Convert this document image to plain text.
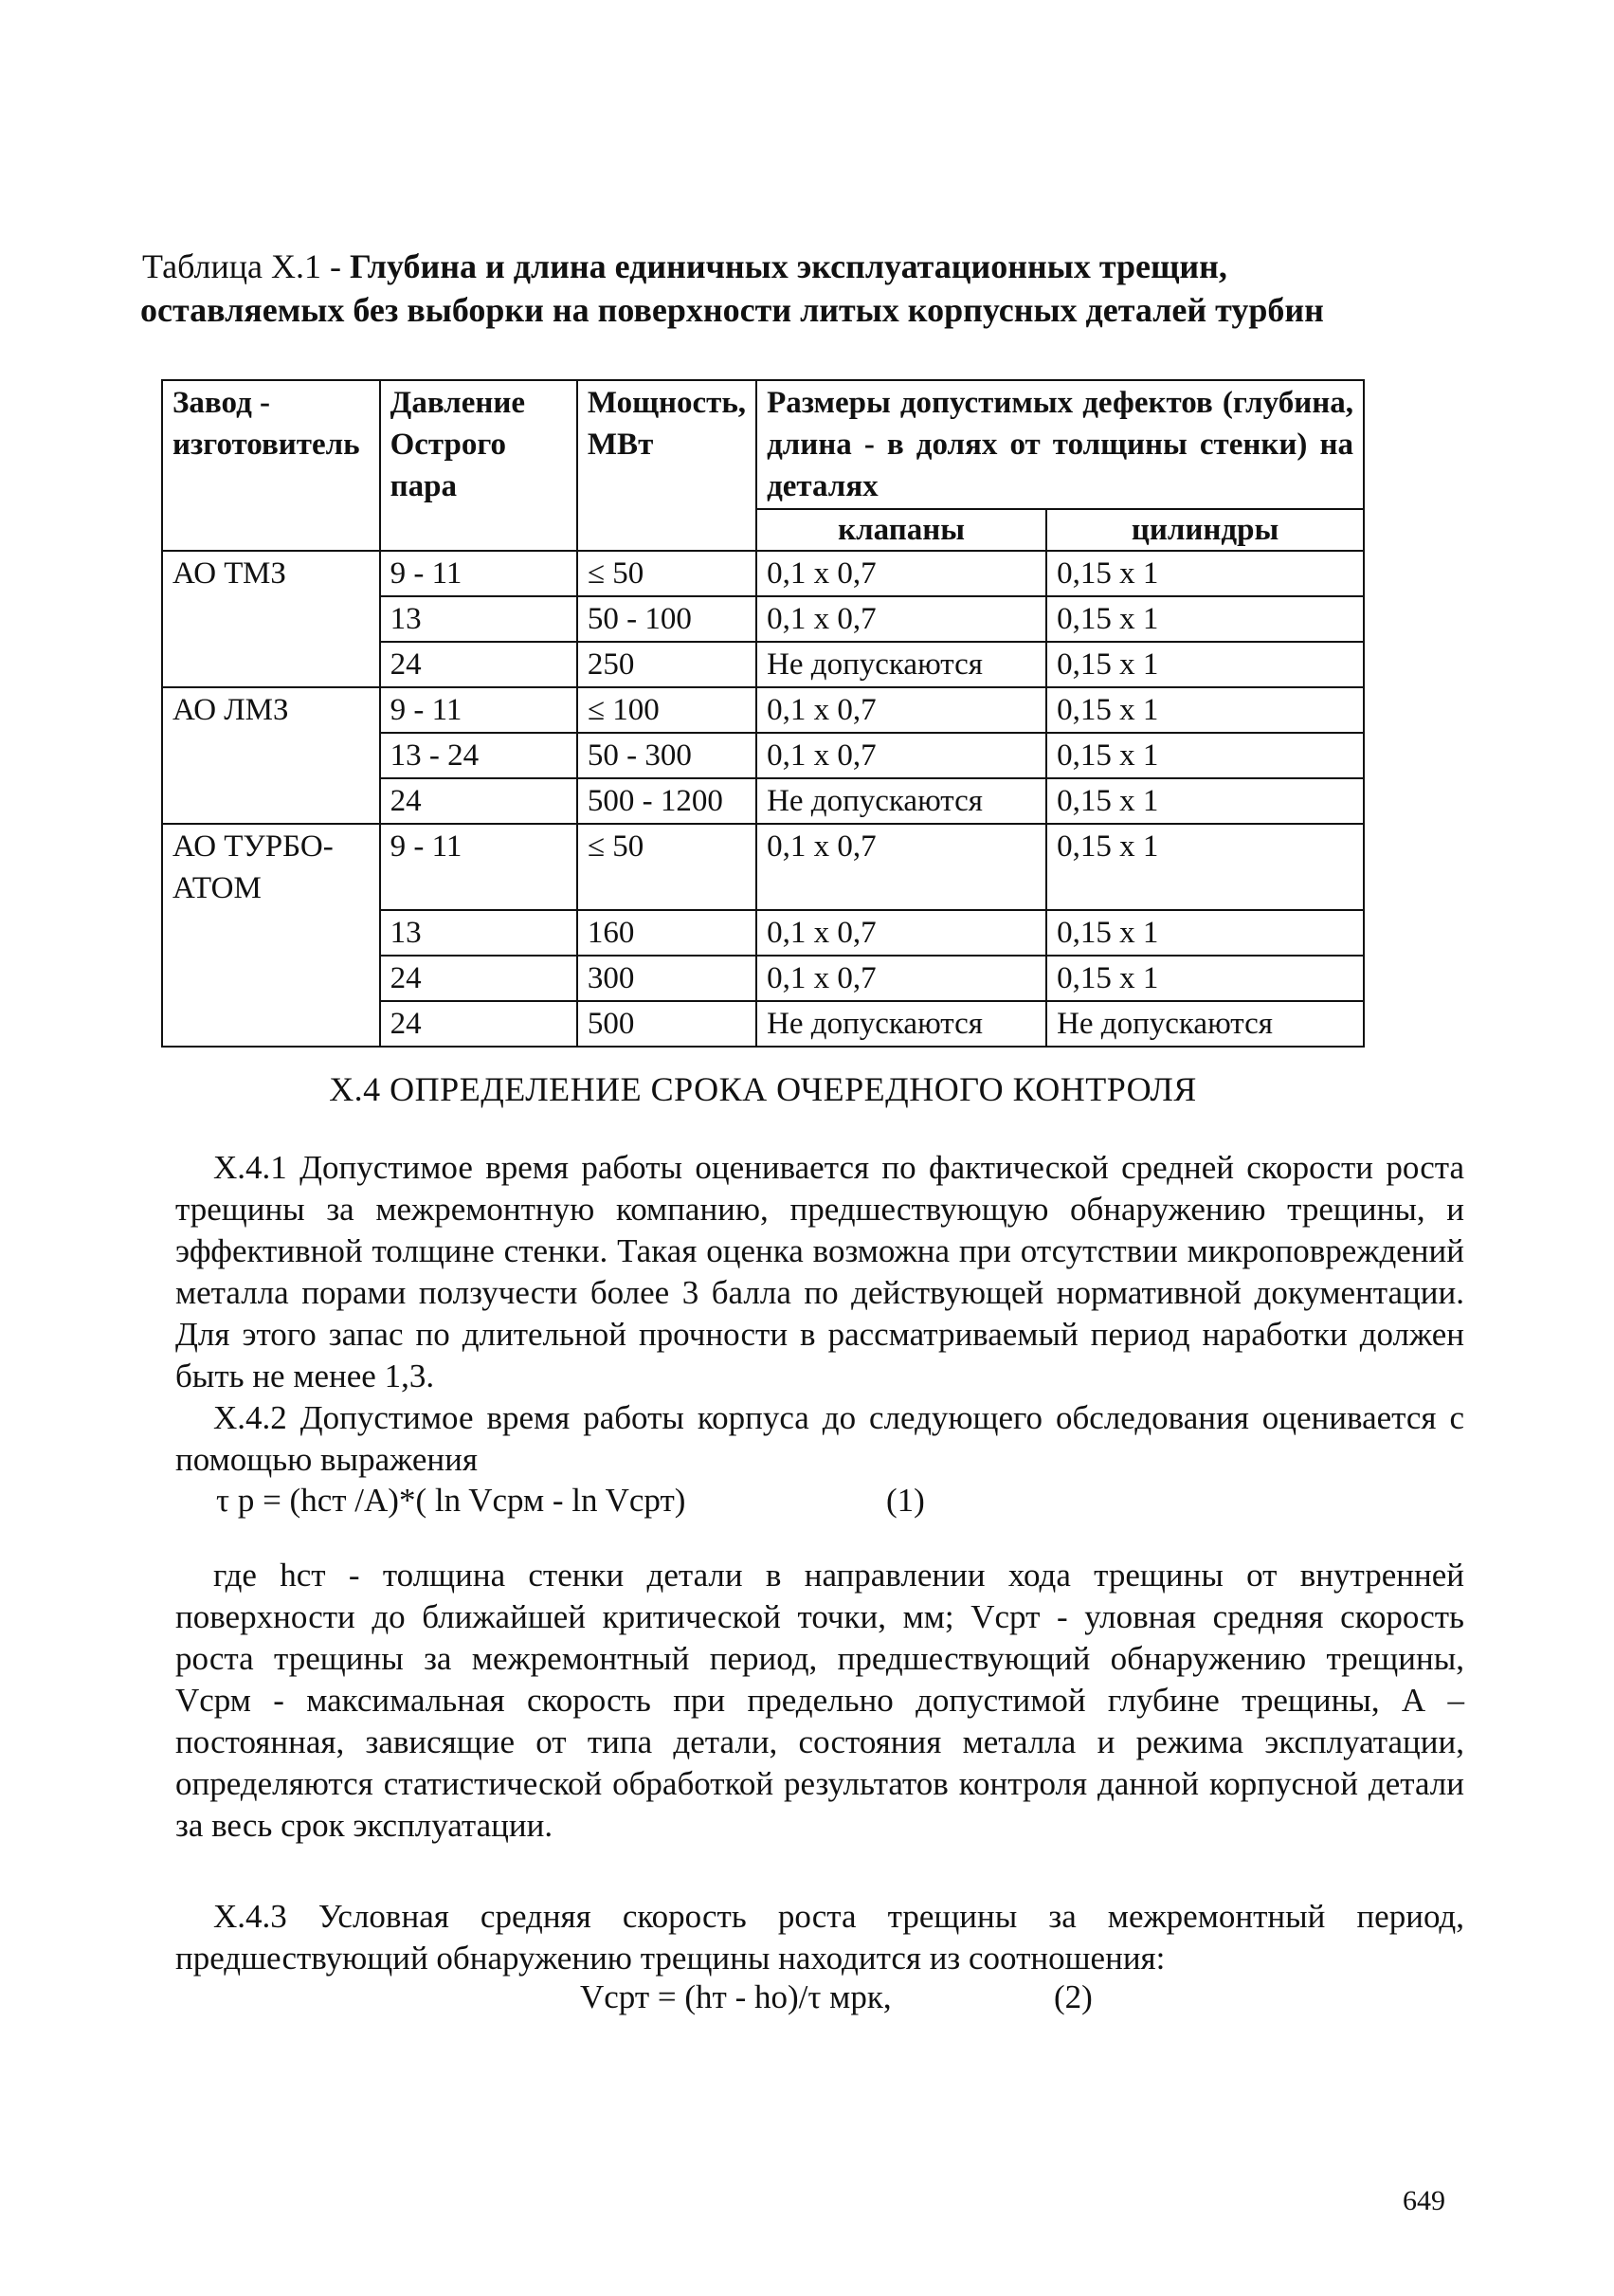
Таблица Х.1 - Глубина и длина единичных эксплуатационных трещин,
оставляемых без выборки на поверхности литых корпусных деталей турбин
Завод - изготовитель	Давление Острого пара	Мощность, МВт	Размеры допустимых дефектов (глубина, длина - в долях от толщины стенки) на деталях	
			клапаны	цилиндры
АО ТМЗ	9 - 11	≤ 50	0,1 х 0,7	0,15 х 1
	13	50 - 100	0,1 х 0,7	0,15 х 1
	24	250	Не допускаются	0,15 х 1
АО ЛМЗ	9 - 11	≤ 100	0,1 х 0,7	0,15 х 1
	13 - 24	50 - 300	0,1 х 0,7	0,15 х 1
	24	500 - 1200	Не допускаются	0,15 х 1
АО ТУРБО-АТОМ	9 - 11	≤ 50	0,1 х 0,7	0,15 х 1
	13	160	0,1 х 0,7	0,15 х 1
	24	300	0,1 х 0,7	0,15 х 1
	24	500	Не допускаются	Не допускаются
Х.4 ОПРЕДЕЛЕНИЕ СРОКА ОЧЕРЕДНОГО КОНТРОЛЯ
Х.4.1 Допустимое время работы оценивается по фактической средней скорости роста трещины за межремонтную компанию, предшествующую обнаружению трещины, и эффективной толщине стенки. Такая оценка возможна при отсутствии микроповреждений металла порами ползучести более 3 балла по действующей нормативной документации. Для этого запас по длительной прочности в рассматриваемый период наработки должен быть не менее 1,3.
Х.4.2 Допустимое время работы корпуса до следующего обследования оценивается с помощью выражения
τ р = (hст /А)*( ln Vсрм - ln Vсрт)	(1)
где hст - толщина стенки детали в направлении хода трещины от внутренней поверхности до ближайшей критической точки, мм; Vсрт - уловная средняя скорость роста трещины за межремонтный период, предшествующий обнаружению трещины, Vсрм - максимальная скорость при предельно допустимой глубине трещины, А – постоянная, зависящие от типа детали, состояния металла и режима эксплуатации, определяются статистической обработкой результатов контроля данной корпусной детали за весь срок эксплуатации.
Х.4.3 Условная средняя скорость роста трещины за межремонтный период, предшествующий обнаружению трещины находится из соотношения:
Vсрт = (hт - hо)/τ мрк,	(2)
649
